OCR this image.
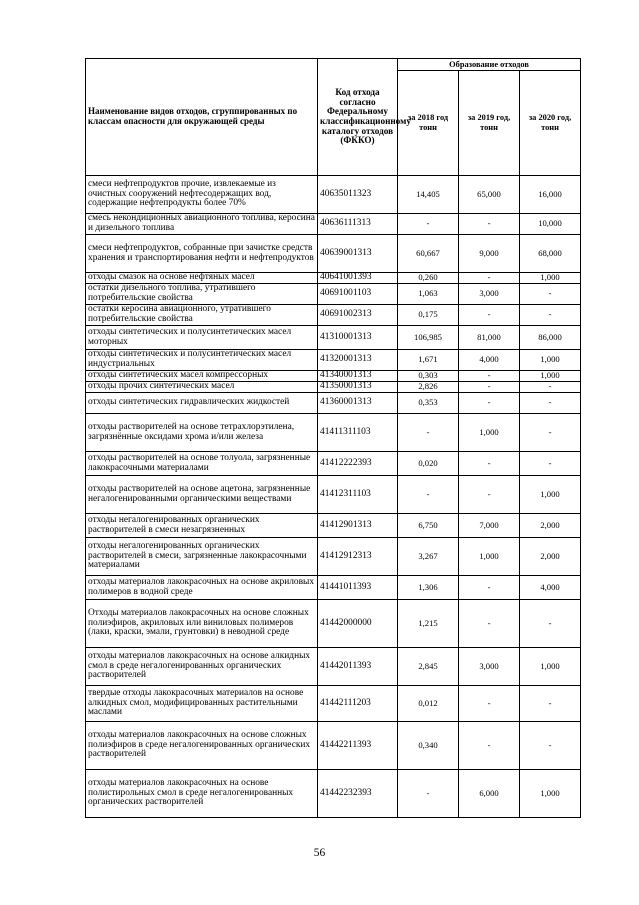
Наименование видов отходов, сгруппированных по классам опасности для окружающей среды	Код отхода согласно Федеральному классификационному каталогу отходов (ФККО)	Образование отходов		
		за 2018 год тонн	за 2019 год, тонн	за 2020 год, тонн
смеси нефтепродуктов прочие, извлекаемые из очистных сооружений нефтесодержащих вод, содержащие нефтепродукты более 70%	40635011323	14,405	65,000	16,000
смесь некондиционных авиационного топлива, керосина и дизельного топлива	40636111313	-	-	10,000
смеси нефтепродуктов, собранные при зачистке средств хранения и транспортирования нефти и нефтепродуктов	40639001313	60,667	9,000	68,000
отходы смазок на основе нефтяных масел	40641001393	0,260	-	1,000
остатки дизельного топлива, утратившего потребительские свойства	40691001103	1,063	3,000	-
остатки керосина авиационного, утратившего потребительские свойства	40691002313	0,175	-	-
отходы синтетических и полусинтетических масел моторных	41310001313	106,985	81,000	86,000
отходы синтетических и полусинтетических масел индустриальных	41320001313	1,671	4,000	1,000
отходы синтетических масел компрессорных	41340001313	0,303	-	1,000
отходы прочих синтетических масел	41350001313	2,826	-	-
отходы синтетических гидравлических жидкостей	41360001313	0,353	-	-
отходы растворителей на основе тетрахлорэтилена, загрязнённые оксидами хрома и/или железа	41411311103	-	1,000	-
отходы растворителей на основе толуола, загрязненные лакокрасочными материалами	41412222393	0,020	-	-
отходы растворителей на основе ацетона, загрязненные негалогенированными органическими веществами	41412311103	-	-	1,000
отходы негалогенированных органических растворителей в смеси незагрязненных	41412901313	6,750	7,000	2,000
отходы негалогенированных органических растворителей в смеси, загрязненные лакокрасочными материалами	41412912313	3,267	1,000	2,000
отходы материалов лакокрасочных на основе акриловых полимеров в водной среде	41441011393	1,306	-	4,000
Отходы материалов лакокрасочных на основе сложных полиэфиров, акриловых или виниловых полимеров (лаки, краски, эмали, грунтовки) в неводной среде	41442000000	1,215	-	-
отходы материалов лакокрасочных на основе алкидных смол в среде негалогенированных органических растворителей	41442011393	2,845	3,000	1,000
твердые отходы лакокрасочных материалов на основе алкидных смол, модифицированных растительными маслами	41442111203	0,012	-	-
отходы материалов лакокрасочных на основе сложных полиэфиров в среде негалогенированных органических растворителей	41442211393	0,340	-	-
отходы материалов лакокрасочных на основе полистирольных смол в среде негалогенированных органических растворителей	41442232393	-	6,000	1,000
56
